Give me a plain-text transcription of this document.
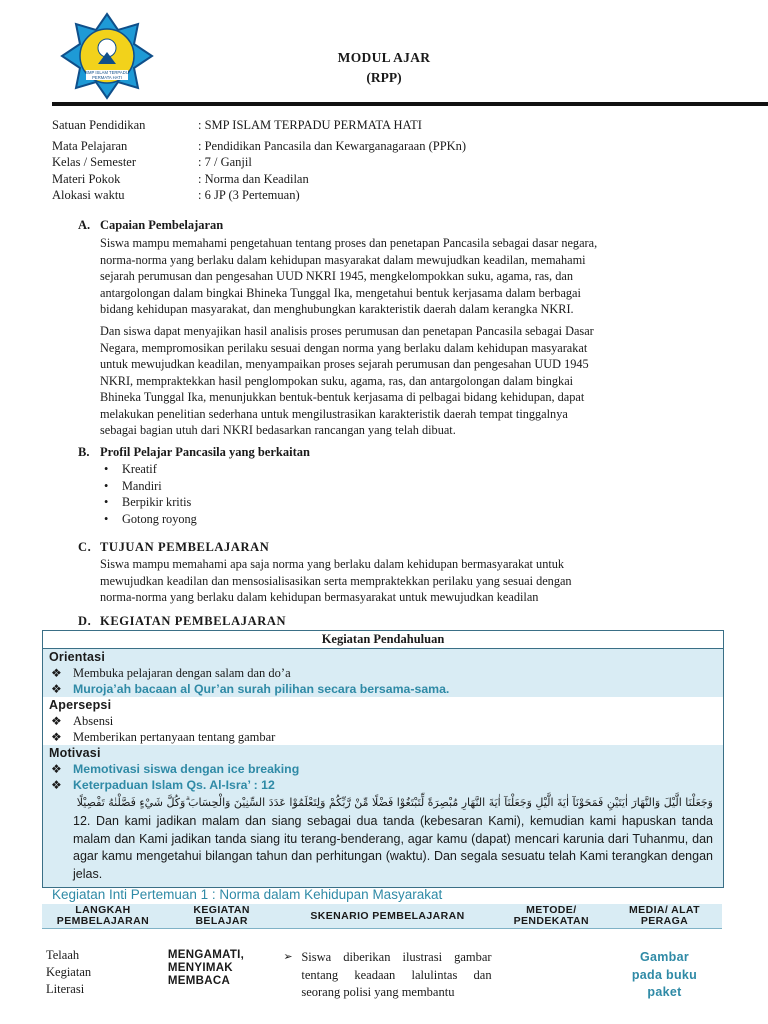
SMP ISLAM TERPADU
PERMATA HATI
MODUL AJAR
(RPP)
Satuan Pendidikan	: SMP ISLAM TERPADU PERMATA HATI
Mata Pelajaran	: Pendidikan Pancasila dan Kewarganagaraan (PPKn)
Kelas / Semester	: 7 / Ganjil
Materi Pokok	: Norma dan Keadilan
Alokasi waktu	: 6 JP (3 Pertemuan)
A. Capaian Pembelajaran
Siswa mampu memahami pengetahuan tentang proses dan penetapan Pancasila sebagai dasar negara,
norma-norma yang berlaku dalam kehidupan masyarakat dalam mewujudkan keadilan, memahami
sejarah perumusan dan pengesahan UUD NKRI 1945, mengkelompokkan suku, agama, ras, dan
antargolongan dalam bingkai Bhineka Tunggal Ika, mengetahui bentuk kerjasama dalam berbagai
bidang kehidupan masyarakat, dan menghubungkan karakteristik daerah dalam kerangka NKRI.
Dan siswa dapat menyajikan hasil analisis proses perumusan dan penetapan Pancasila sebagai Dasar
Negara, mempromosikan perilaku sesuai dengan norma yang berlaku dalam kehidupan masyarakat
untuk mewujudkan keadilan, menyampaikan proses sejarah perumusan dan pengesahan UUD 1945
NKRI, mempraktekkan hasil penglompokan suku, agama, ras, dan antargolongan dalam bingkai
Bhineka Tunggal Ika, menunjukkan bentuk-bentuk kerjasama di pelbagai bidang kehidupan, dapat
melakukan penelitian sederhana untuk mengilustrasikan karakteristik daerah tempat tinggalnya
sebagai bagian utuh dari NKRI bedasarkan rancangan yang telah dibuat.
B. Profil Pelajar Pancasila yang berkaitan
• Kreatif
• Mandiri
• Berpikir kritis
• Gotong royong
C. TUJUAN PEMBELAJARAN
Siswa mampu memahami apa saja norma yang berlaku dalam kehidupan bermasyarakat untuk
mewujudkan keadilan dan mensosialisasikan serta mempraktekkan perilaku yang sesuai dengan
norma-norma yang berlaku dalam kehidupan bermasyarakat untuk mewujudkan keadilan
D. KEGIATAN PEMBELAJARAN
Kegiatan Pendahuluan
Orientasi
❖ Membuka pelajaran dengan salam dan do’a
❖ Muroja’ah bacaan al Qur’an surah pilihan secara bersama-sama.
Apersepsi
❖ Absensi
❖ Memberikan pertanyaan tentang gambar
Motivasi
❖ Memotivasi siswa dengan ice breaking
❖ Keterpaduan Islam Qs. Al-Isra’ : 12
وَجَعَلْنَا الَّيْلَ وَالنَّهَارَ اٰيَتَيْنِ فَمَحَوْنَآ اٰيَةَ الَّيْلِ وَجَعَلْنَآ اٰيَةَ النَّهَارِ مُبْصِرَةً لِّتَبْتَغُوْا فَضْلًا مِّنْ رَّبِّكُمْ وَلِتَعْلَمُوْا عَدَدَ السِّنِيْنَ وَالْحِسَابَ ۗوَكُلَّ شَيْءٍ فَصَّلْنٰهُ تَفْصِيْلًا
12. Dan kami jadikan malam dan siang sebagai dua tanda (kebesaran Kami), kemudian kami hapuskan tanda malam dan Kami jadikan tanda siang itu terang-benderang, agar kamu (dapat) mencari karunia dari Tuhanmu, dan agar kamu mengetahui bilangan tahun dan perhitungan (waktu). Dan segala sesuatu telah Kami terangkan dengan jelas.
Kegiatan Inti Pertemuan 1 : Norma dalam Kehidupan Masyarakat
LANGKAH PEMBELAJARAN	KEGIATAN BELAJAR	SKENARIO PEMBELAJARAN	METODE/ PENDEKATAN	MEDIA/ ALAT PERAGA

Telaah Kegiatan Literasi	MENGAMATI, MENYIMAK MEMBACA	➢ Siswa diberikan ilustrasi gambar tentang keadaan lalulintas dan seorang polisi yang membantu		Gambar pada buku paket
